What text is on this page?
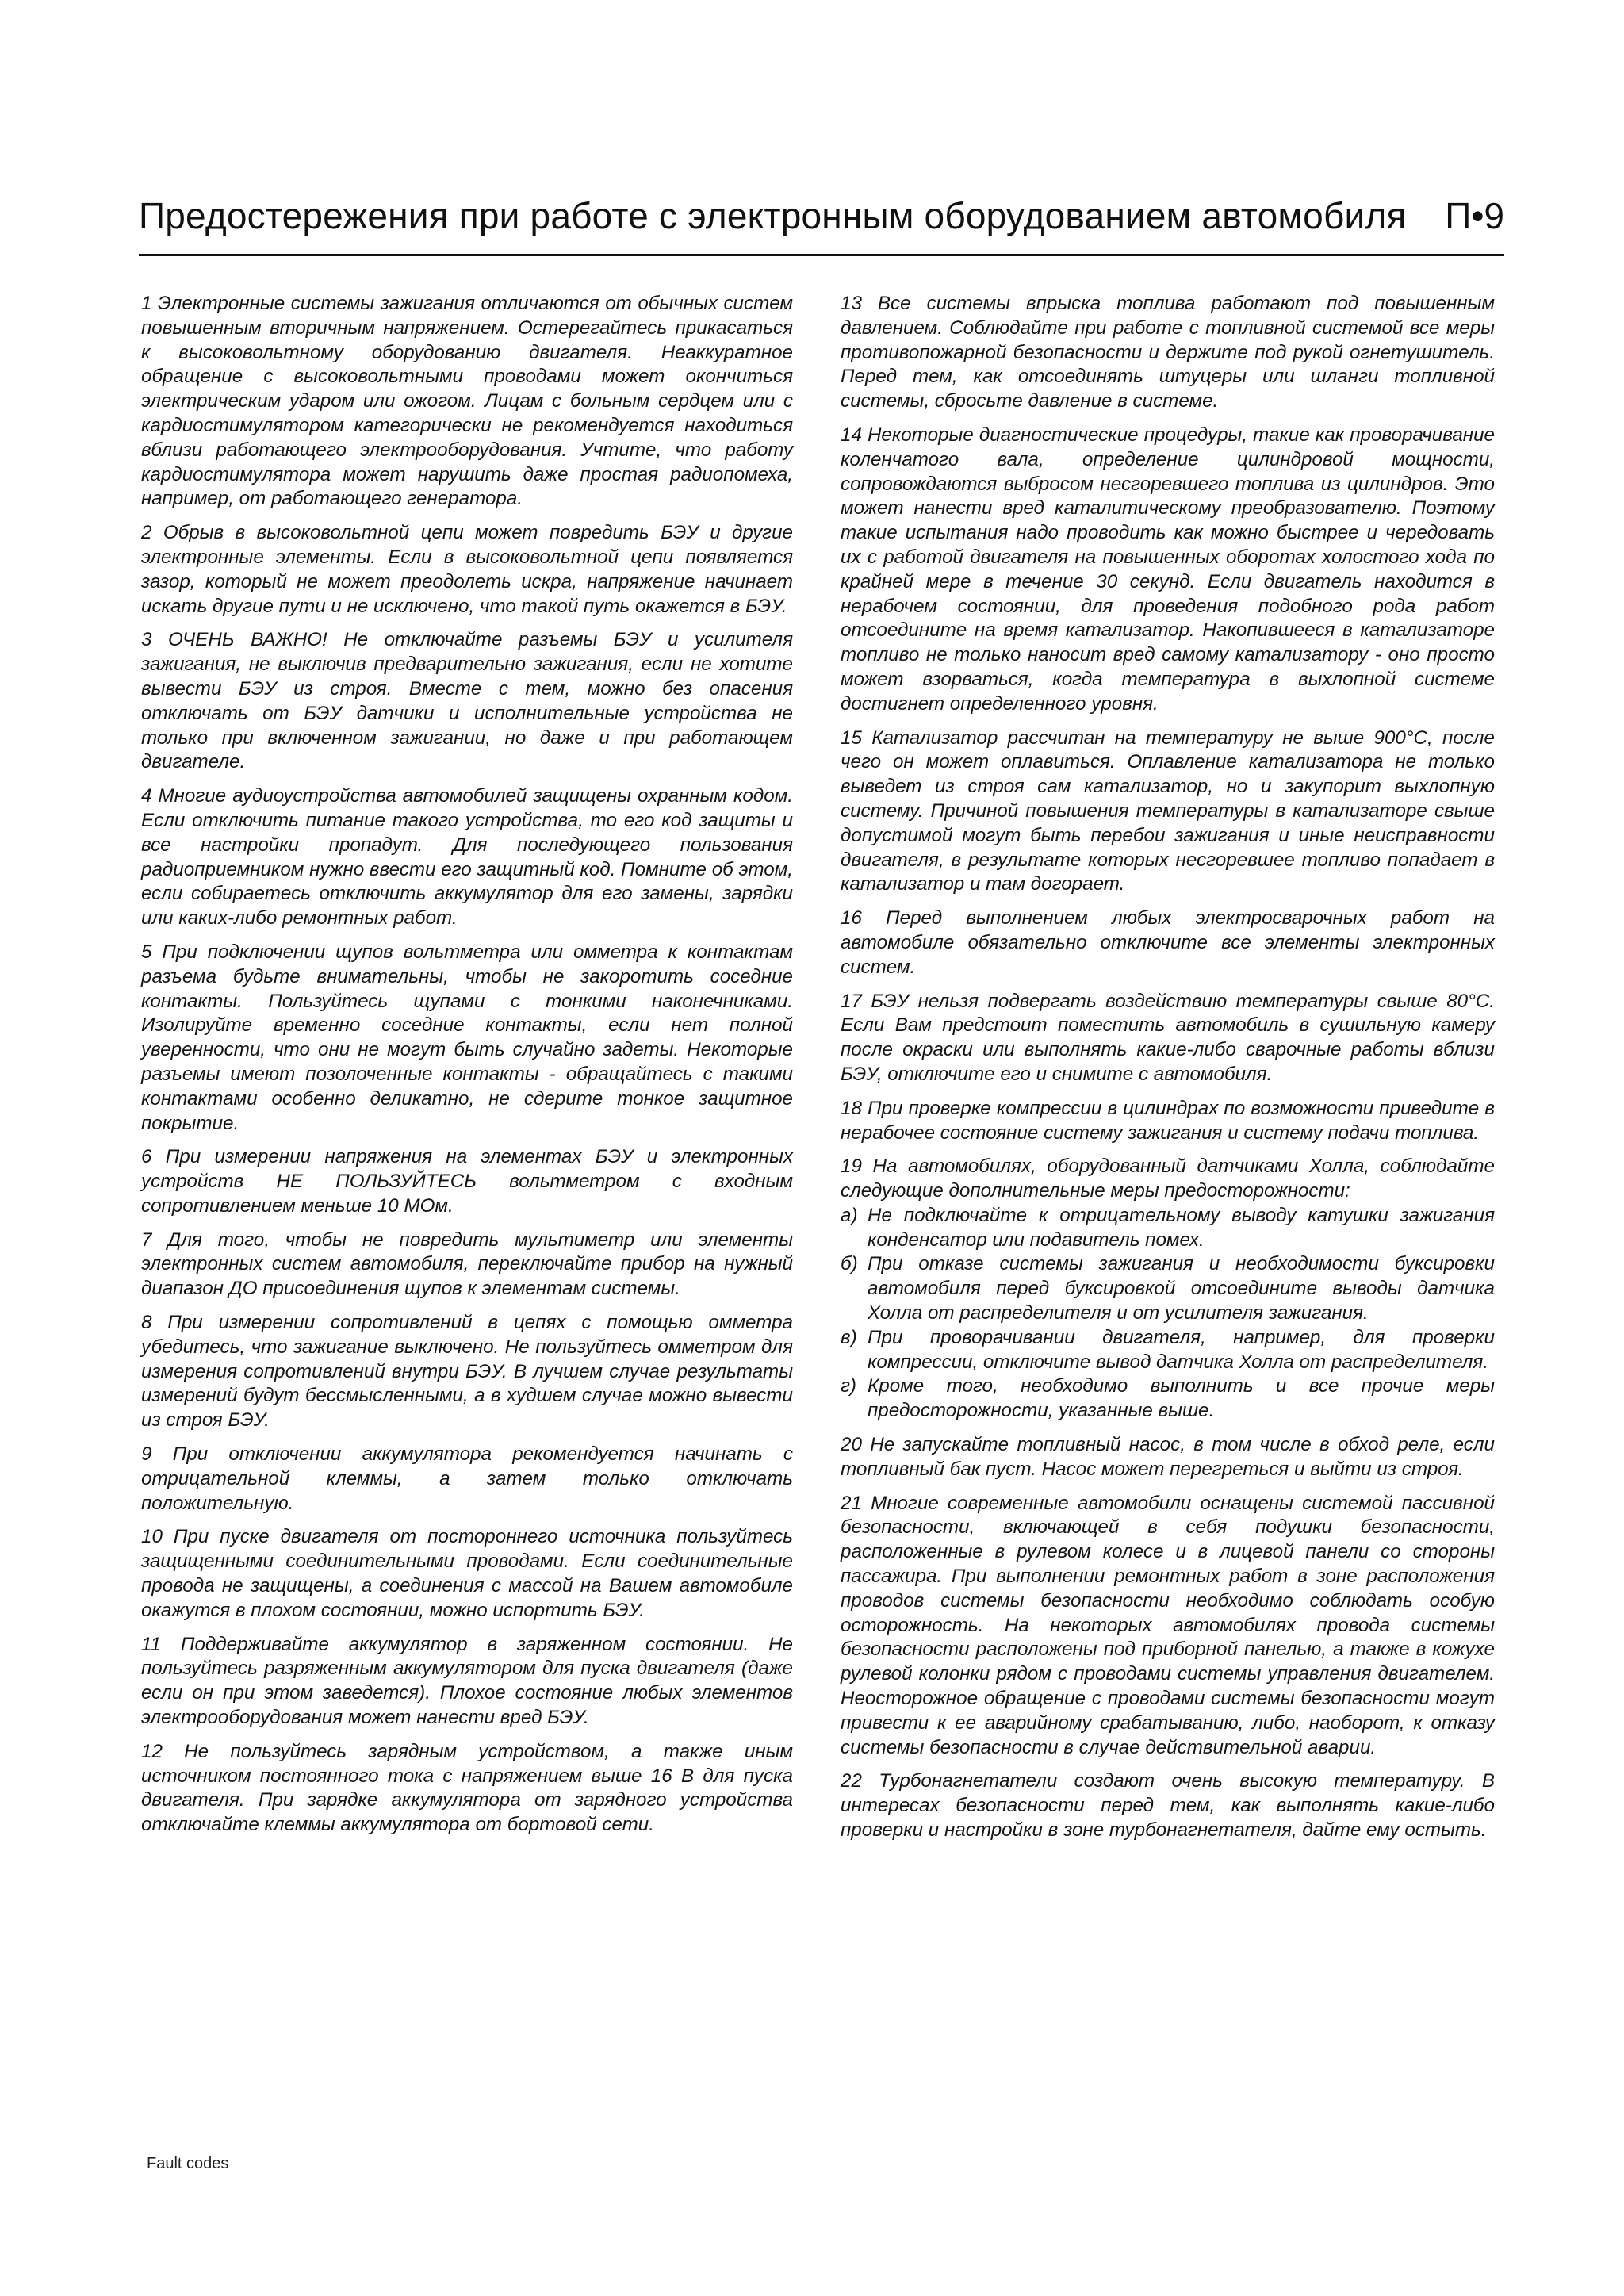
Предостережения при работе с электронным оборудованием автомобиля П•9

1 Электронные системы зажигания отличаются от обычных систем повышенным вторичным напряжением. Остерегайтесь прикасаться к высоковольтному оборудованию двигателя. Неаккуратное обращение с высоковольтными проводами может окончиться электрическим ударом или ожогом. Лицам с больным сердцем или с кардиостимулятором категорически не рекомендуется находиться вблизи работающего электрооборудования. Учтите, что работу кардиостимулятора может нарушить даже простая радиопомеха, например, от работающего генератора.

2 Обрыв в высоковольтной цепи может повредить БЭУ и другие электронные элементы. Если в высоковольтной цепи появляется зазор, который не может преодолеть искра, напряжение начинает искать другие пути и не исключено, что такой путь окажется в БЭУ.

3 ОЧЕНЬ ВАЖНО! Не отключайте разъемы БЭУ и усилителя зажигания, не выключив предварительно зажигания, если не хотите вывести БЭУ из строя. Вместе с тем, можно без опасения отключать от БЭУ датчики и исполнительные устройства не только при включенном зажигании, но даже и при работающем двигателе.

4 Многие аудиоустройства автомобилей защищены охранным кодом. Если отключить питание такого устройства, то его код защиты и все настройки пропадут. Для последующего пользования радиоприемником нужно ввести его защитный код. Помните об этом, если собираетесь отключить аккумулятор для его замены, зарядки или каких-либо ремонтных работ.

5 При подключении щупов вольтметра или омметра к контактам разъема будьте внимательны, чтобы не закоротить соседние контакты. Пользуйтесь щупами с тонкими наконечниками. Изолируйте временно соседние контакты, если нет полной уверенности, что они не могут быть случайно задеты. Некоторые разъемы имеют позолоченные контакты - обращайтесь с такими контактами особенно деликатно, не сдерите тонкое защитное покрытие.

6 При измерении напряжения на элементах БЭУ и электронных устройств НЕ ПОЛЬЗУЙТЕСЬ вольтметром с входным сопротивлением меньше 10 МОм.

7 Для того, чтобы не повредить мультиметр или элементы электронных систем автомобиля, переключайте прибор на нужный диапазон ДО присоединения щупов к элементам системы.

8 При измерении сопротивлений в цепях с помощью омметра убедитесь, что зажигание выключено. Не пользуйтесь омметром для измерения сопротивлений внутри БЭУ. В лучшем случае результаты измерений будут бессмысленными, а в худшем случае можно вывести из строя БЭУ.

9 При отключении аккумулятора рекомендуется начинать с отрицательной клеммы, а затем только отключать положительную.

10 При пуске двигателя от постороннего источника пользуйтесь защищенными соединительными проводами. Если соединительные провода не защищены, а соединения с массой на Вашем автомобиле окажутся в плохом состоянии, можно испортить БЭУ.

11 Поддерживайте аккумулятор в заряженном состоянии. Не пользуйтесь разряженным аккумулятором для пуска двигателя (даже если он при этом заведется). Плохое состояние любых элементов электрооборудования может нанести вред БЭУ.

12 Не пользуйтесь зарядным устройством, а также иным источником постоянного тока с напряжением выше 16 В для пуска двигателя. При зарядке аккумулятора от зарядного устройства отключайте клеммы аккумулятора от бортовой сети.

13 Все системы впрыска топлива работают под повышенным давлением. Соблюдайте при работе с топливной системой все меры противопожарной безопасности и держите под рукой огнетушитель. Перед тем, как отсоединять штуцеры или шланги топливной системы, сбросьте давление в системе.

14 Некоторые диагностические процедуры, такие как проворачивание коленчатого вала, определение цилиндровой мощности, сопровождаются выбросом несгоревшего топлива из цилиндров. Это может нанести вред каталитическому преобразователю. Поэтому такие испытания надо проводить как можно быстрее и чередовать их с работой двигателя на повышенных оборотах холостого хода по крайней мере в течение 30 секунд. Если двигатель находится в нерабочем состоянии, для проведения подобного рода работ отсоедините на время катализатор. Накопившееся в катализаторе топливо не только наносит вред самому катализатору - оно просто может взорваться, когда температура в выхлопной системе достигнет определенного уровня.

15 Катализатор рассчитан на температуру не выше 900°С, после чего он может оплавиться. Оплавление катализатора не только выведет из строя сам катализатор, но и закупорит выхлопную систему. Причиной повышения температуры в катализаторе свыше допустимой могут быть перебои зажигания и иные неисправности двигателя, в результате которых несгоревшее топливо попадает в катализатор и там догорает.

16 Перед выполнением любых электросварочных работ на автомобиле обязательно отключите все элементы электронных систем.

17 БЭУ нельзя подвергать воздействию температуры свыше 80°С. Если Вам предстоит поместить автомобиль в сушильную камеру после окраски или выполнять какие-либо сварочные работы вблизи БЭУ, отключите его и снимите с автомобиля.

18 При проверке компрессии в цилиндрах по возможности приведите в нерабочее состояние систему зажигания и систему подачи топлива.

19 На автомобилях, оборудованный датчиками Холла, соблюдайте следующие дополнительные меры предосторожности:

а) Не подключайте к отрицательному выводу катушки зажигания конденсатор или подавитель помех.
б) При отказе системы зажигания и необходимости буксировки автомобиля перед буксировкой отсоедините выводы датчика Холла от распределителя и от усилителя зажигания.
в) При проворачивании двигателя, например, для проверки компрессии, отключите вывод датчика Холла от распределителя.
г) Кроме того, необходимо выполнить и все прочие меры предосторожности, указанные выше.

20 Не запускайте топливный насос, в том числе в обход реле, если топливный бак пуст. Насос может перегреться и выйти из строя.

21 Многие современные автомобили оснащены системой пассивной безопасности, включающей в себя подушки безопасности, расположенные в рулевом колесе и в лицевой панели со стороны пассажира. При выполнении ремонтных работ в зоне расположения проводов системы безопасности необходимо соблюдать особую осторожность. На некоторых автомобилях провода системы безопасности расположены под приборной панелью, а также в кожухе рулевой колонки рядом с проводами системы управления двигателем. Неосторожное обращение с проводами системы безопасности могут привести к ее аварийному срабатыванию, либо, наоборот, к отказу системы безопасности в случае действительной аварии.

22 Турбонагнетатели создают очень высокую температуру. В интересах безопасности перед тем, как выполнять какие-либо проверки и настройки в зоне турбонагнетателя, дайте ему остыть.

Fault codes
